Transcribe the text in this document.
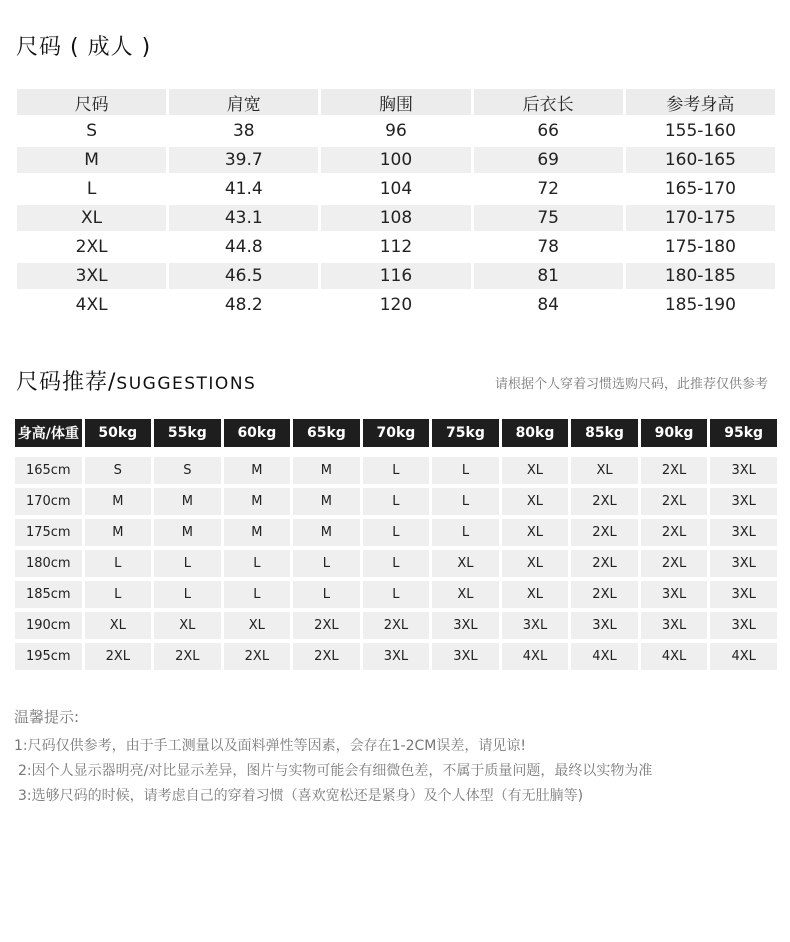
尺码 ( 成人 )
尺码	肩宽	胸围	后衣长	参考身高
S	38	96	66	155-160
M	39.7	100	69	160-165
L	41.4	104	72	165-170
XL	43.1	108	75	170-175
2XL	44.8	112	78	175-180
3XL	46.5	116	81	180-185
4XL	48.2	120	84	185-190
尺码推荐/SUGGESTIONS	请根据个人穿着习惯选购尺码，此推荐仅供参考
身高/体重	50kg	55kg	60kg	65kg	70kg	75kg	80kg	85kg	90kg	95kg

165cm	S	S	M	M	L	L	XL	XL	2XL	3XL
170cm	M	M	M	M	L	L	XL	2XL	2XL	3XL
175cm	M	M	M	M	L	L	XL	2XL	2XL	3XL
180cm	L	L	L	L	L	XL	XL	2XL	2XL	3XL
185cm	L	L	L	L	L	XL	XL	2XL	3XL	3XL
190cm	XL	XL	XL	2XL	2XL	3XL	3XL	3XL	3XL	3XL
195cm	2XL	2XL	2XL	2XL	3XL	3XL	4XL	4XL	4XL	4XL
温馨提示:
1:尺码仅供参考，由于手工测量以及面料弹性等因素，会存在1-2CM误差，请见谅!
2:因个人显示器明亮/对比显示差异，图片与实物可能会有细微色差，不属于质量问题，最终以实物为准
3:选够尺码的时候，请考虑自己的穿着习惯（喜欢宽松还是紧身）及个人体型（有无肚腩等)
